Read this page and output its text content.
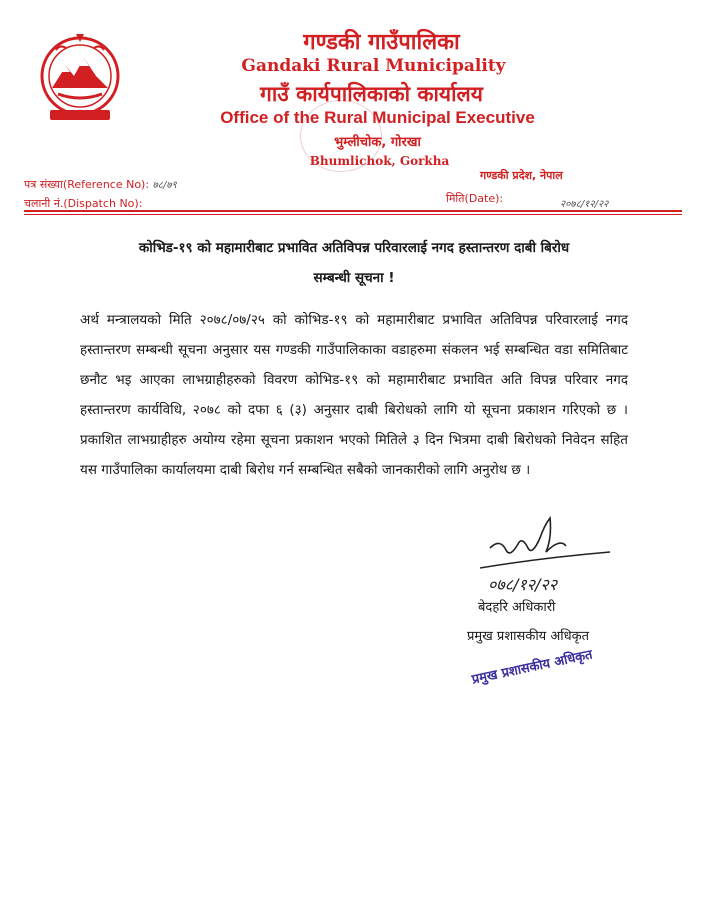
गण्डकी गाउँपालिका
Gandaki Rural Municipality
गाउँ कार्यपालिकाको कार्यालय
Office of the Rural Municipal Executive
भुम्लीचोक, गोरखा
Bhumlichok, Gorkha
पत्र संख्या(Reference No): ७८/७९
चलानी नं.(Dispatch No):
गण्डकी प्रदेश, नेपाल
मिति(Date):	२०७८/१२/२२
कोभिड-१९ को महामारीबाट प्रभावित अतिविपन्न परिवारलाई नगद हस्तान्तरण दाबी बिरोध
सम्बन्धी सूचना !
अर्थ मन्त्रालयको मिति २०७८/०७/२५ को कोभिड-१९ को महामारीबाट प्रभावित अतिविपन्न परिवारलाई नगद हस्तान्तरण सम्बन्धी सूचना अनुसार यस गण्डकी गाउँपालिकाका वडाहरुमा संकलन भई सम्बन्धित वडा समितिबाट छनौट भइ आएका लाभग्राहीहरुको विवरण कोभिड-१९ को महामारीबाट प्रभावित अति विपन्न परिवार नगद हस्तान्तरण कार्यविधि, २०७८ को दफा ६ (३) अनुसार दाबी बिरोधको लागि यो सूचना प्रकाशन गरिएको छ । प्रकाशित लाभग्राहीहरु अयोग्य रहेमा सूचना प्रकाशन भएको मितिले ३ दिन भित्रमा दाबी बिरोधको निवेदन सहित यस गाउँपालिका कार्यालयमा दाबी बिरोध गर्न सम्बन्धित सबैको जानकारीको लागि अनुरोध छ ।
०७८/१२/२२
बेदहरि अधिकारी
प्रमुख प्रशासकीय अधिकृत
प्रमुख प्रशासकीय अधिकृत
